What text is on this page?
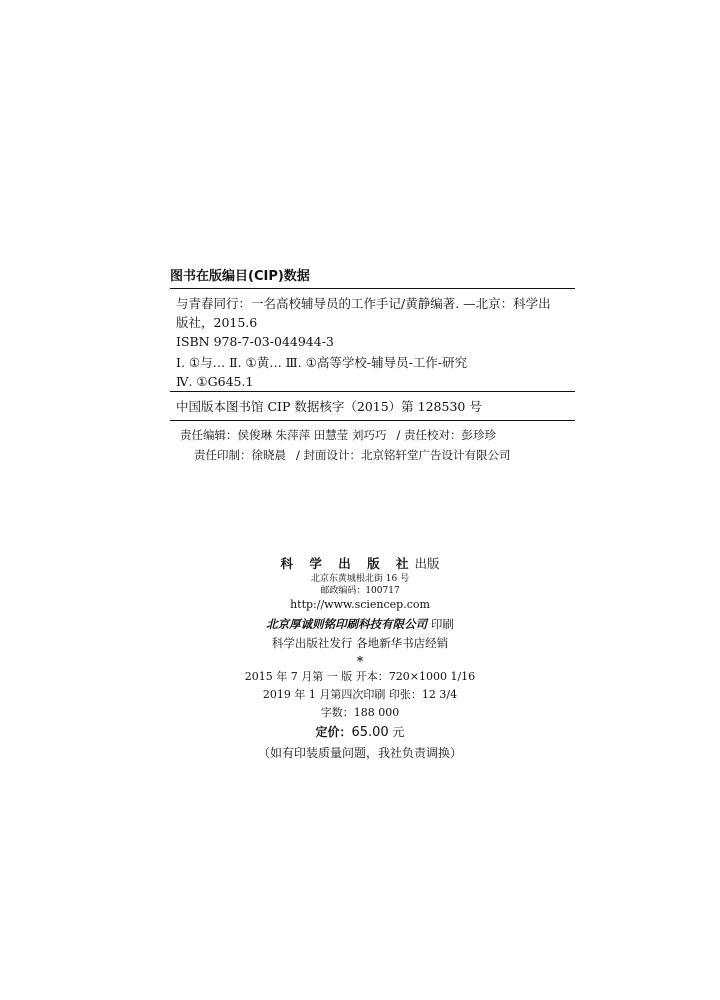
图书在版编目(CIP)数据
与青春同行：一名高校辅导员的工作手记/黄静编著. —北京：科学出
版社，2015.6
ISBN 978-7-03-044944-3
Ⅰ. ①与… Ⅱ. ①黄… Ⅲ. ①高等学校-辅导员-工作-研究
Ⅳ. ①G645.1
中国版本图书馆 CIP 数据核字（2015）第 128530 号
责任编辑：侯俊琳 朱萍萍 田慧莹 刘巧巧 / 责任校对：彭珍珍
责任印制：徐晓晨 / 封面设计：北京铭轩堂广告设计有限公司
科 学 出 版 社出版
北京东黄城根北街 16 号
邮政编码：100717
http://www.sciencep.com
北京厚诚则铭印刷科技有限公司 印刷
科学出版社发行 各地新华书店经销
*
2015 年 7 月第 一 版 开本：720×1000 1/16
2019 年 1 月第四次印刷 印张：12 3/4
字数：188 000
定价：65.00 元
（如有印装质量问题，我社负责调换）
